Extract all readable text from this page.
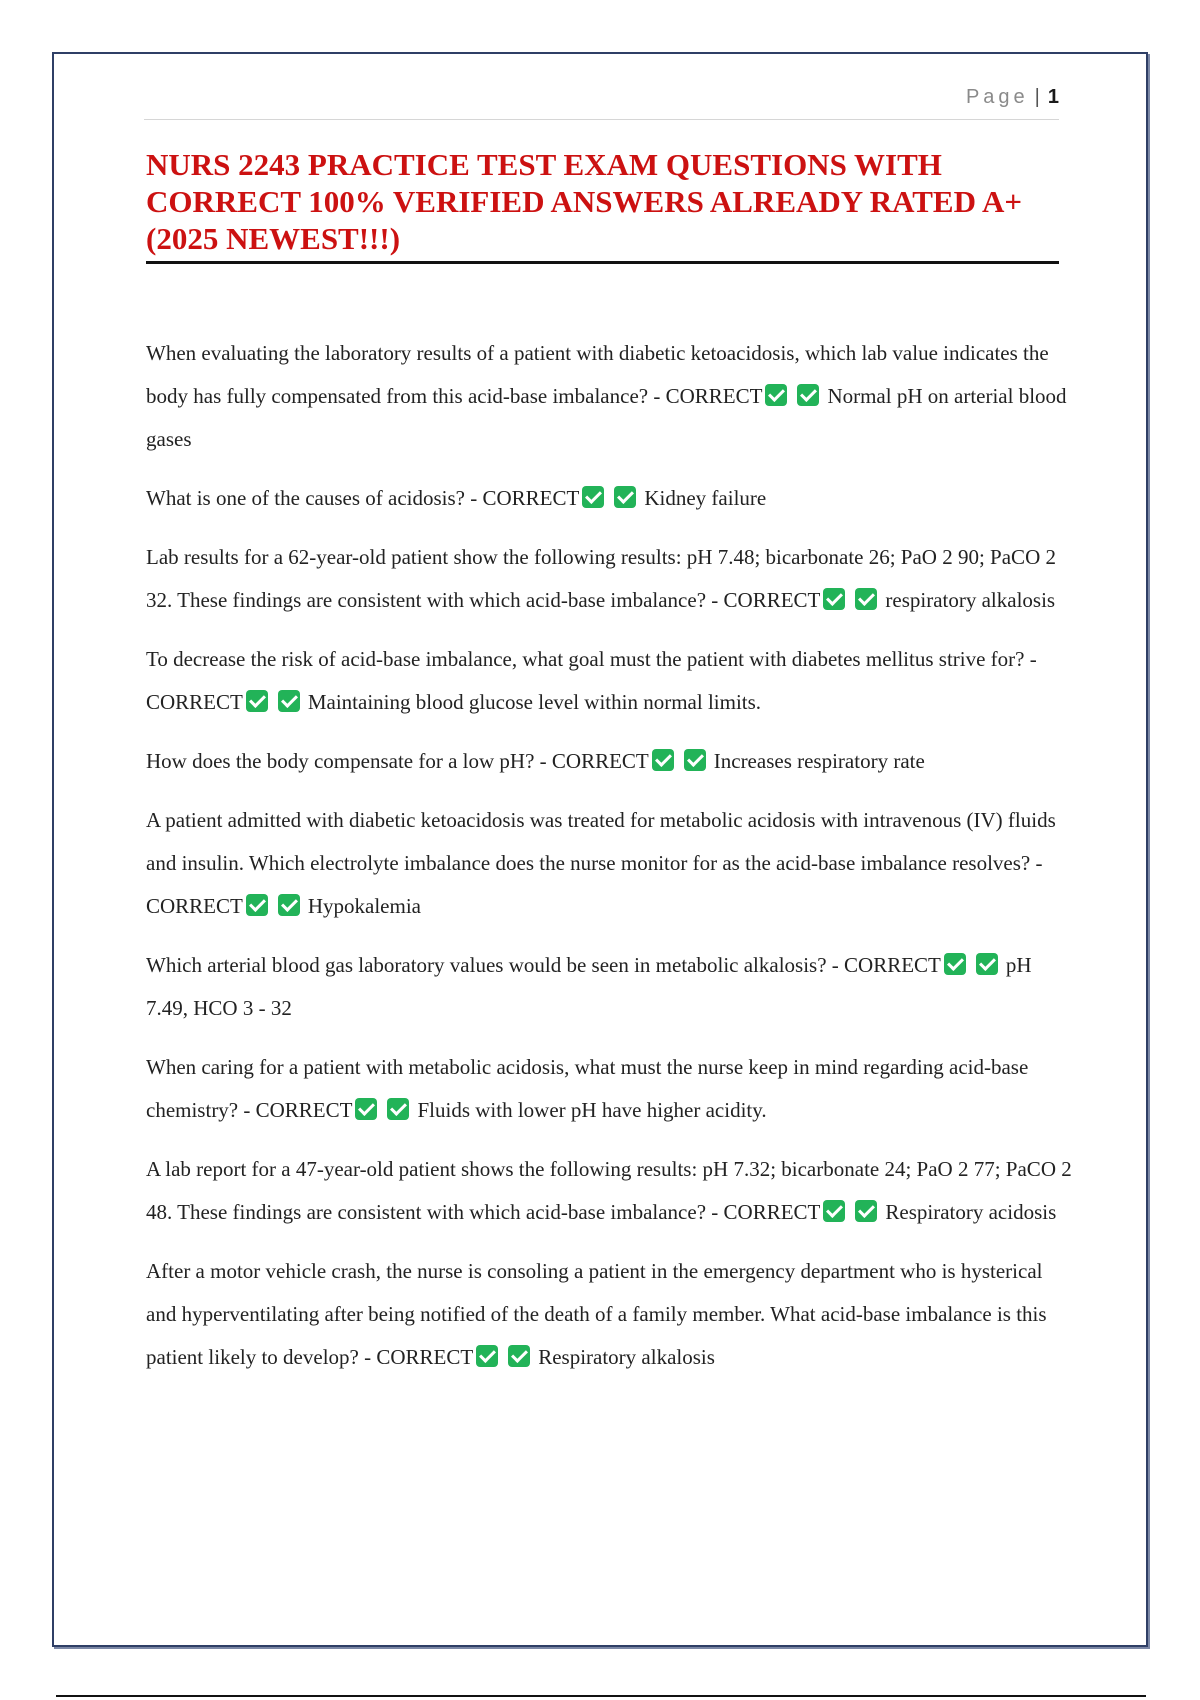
Page | 1
NURS 2243 PRACTICE TEST EXAM QUESTIONS WITH CORRECT 100% VERIFIED ANSWERS ALREADY RATED A+ (2025 NEWEST!!!)

When evaluating the laboratory results of a patient with diabetic ketoacidosis, which lab value indicates the body has fully compensated from this acid-base imbalance? - CORRECT	Normal pH on arterial blood gases

What is one of the causes of acidosis? - CORRECT	Kidney failure

Lab results for a 62-year-old patient show the following results: pH 7.48; bicarbonate 26; PaO 2 90; PaCO 2 32. These findings are consistent with which acid-base imbalance? - CORRECT	respiratory alkalosis

To decrease the risk of acid-base imbalance, what goal must the patient with diabetes mellitus strive for? - CORRECT	Maintaining blood glucose level within normal limits.

How does the body compensate for a low pH? - CORRECT	Increases respiratory rate

A patient admitted with diabetic ketoacidosis was treated for metabolic acidosis with intravenous (IV) fluids and insulin. Which electrolyte imbalance does the nurse monitor for as the acid-base imbalance resolves? - CORRECT	Hypokalemia

Which arterial blood gas laboratory values would be seen in metabolic alkalosis? - CORRECT	pH 7.49, HCO 3 - 32

When caring for a patient with metabolic acidosis, what must the nurse keep in mind regarding acid-base chemistry? - CORRECT	Fluids with lower pH have higher acidity.

A lab report for a 47-year-old patient shows the following results: pH 7.32; bicarbonate 24; PaO 2 77; PaCO 2 48. These findings are consistent with which acid-base imbalance? - CORRECT	Respiratory acidosis

After a motor vehicle crash, the nurse is consoling a patient in the emergency department who is hysterical and hyperventilating after being notified of the death of a family member. What acid-base imbalance is this patient likely to develop? - CORRECT	Respiratory alkalosis
